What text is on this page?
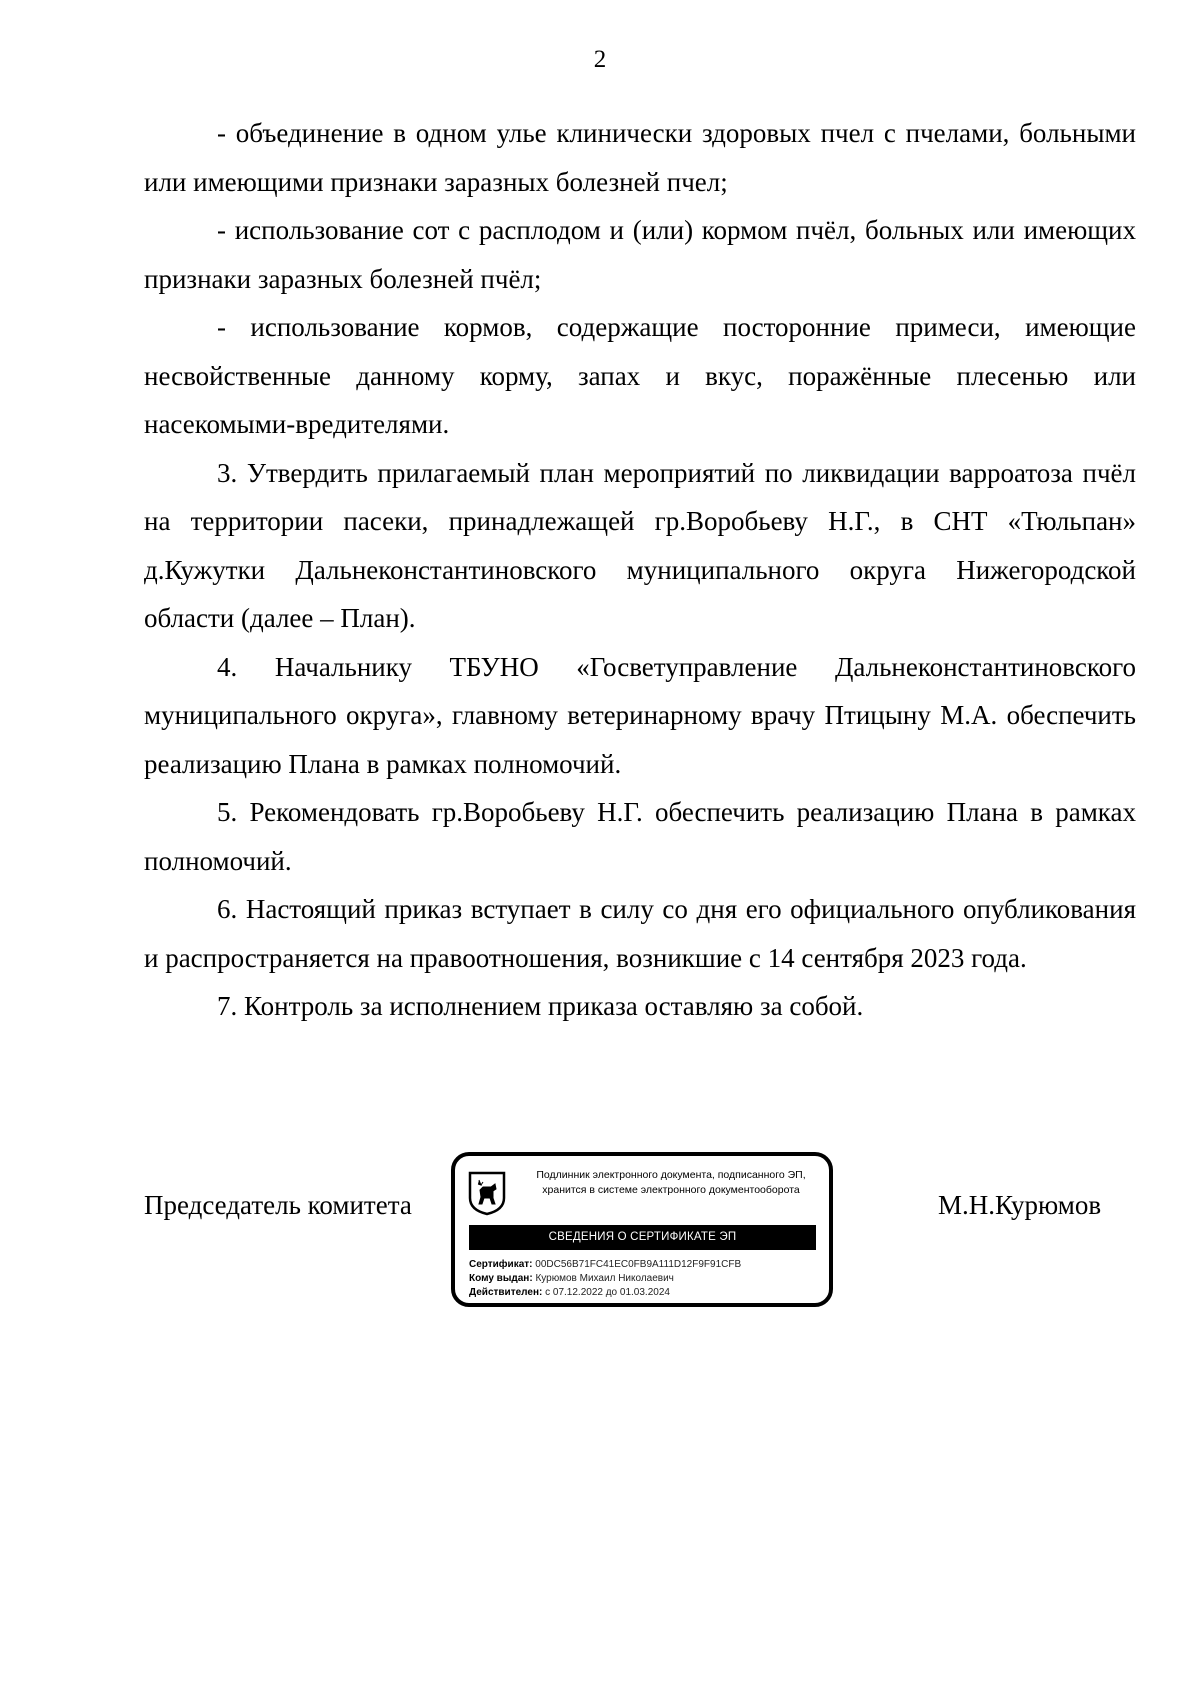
2

- объединение в одном улье клинически здоровых пчел с пчелами, больными или имеющими признаки заразных болезней пчел;

- использование сот с расплодом и (или) кормом пчёл, больных или имеющих признаки заразных болезней пчёл;

- использование кормов, содержащие посторонние примеси, имеющие несвойственные данному корму, запах и вкус, поражённые плесенью или насекомыми-вредителями.

3. Утвердить прилагаемый план мероприятий по ликвидации варроатоза пчёл на территории пасеки, принадлежащей гр.Воробьеву Н.Г., в СНТ «Тюльпан» д.Кужутки Дальнеконстантиновского муниципального округа Нижегородской области (далее – План).

4. Начальнику ТБУНО «Госветуправление Дальнеконстантиновского муниципального округа», главному ветеринарному врачу Птицыну М.А. обеспечить реализацию Плана в рамках полномочий.

5. Рекомендовать гр.Воробьеву Н.Г. обеспечить реализацию Плана в рамках полномочий.

6. Настоящий приказ вступает в силу со дня его официального опубликования и распространяется на правоотношения, возникшие с 14 сентября 2023 года.

7. Контроль за исполнением приказа оставляю за собой.

Председатель комитета
Подлинник электронного документа, подписанного ЭП,
хранится в системе электронного документооборота
СВЕДЕНИЯ О СЕРТИФИКАТЕ ЭП
Сертификат: 00DC56B71FC41EC0FB9A111D12F9F91CFB
Кому выдан: Курюмов Михаил Николаевич
Действителен: с 07.12.2022 до 01.03.2024
М.Н.Курюмов
